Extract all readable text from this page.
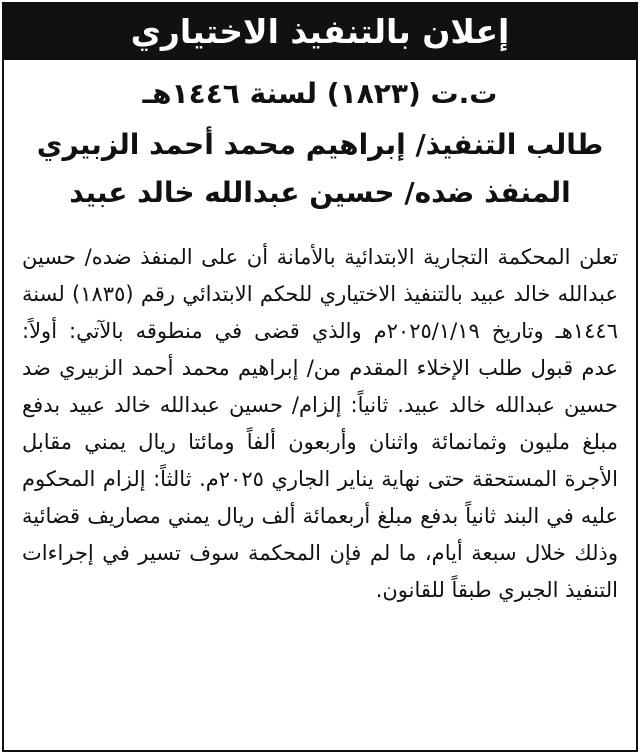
إعلان بالتنفيذ الاختياري
ت.ت (١٨٢٣) لسنة ١٤٤٦هـ
طالب التنفيذ/ إبراهيم محمد أحمد الزبيري
المنفذ ضده/ حسين عبدالله خالد عبيد

تعلن المحكمة التجارية الابتدائية بالأمانة أن على المنفذ ضده/ حسين عبدالله خالد عبيد بالتنفيذ الاختياري للحكم الابتدائي رقم (١٨٣٥) لسنة ١٤٤٦هـ وتاريخ ٢٠٢٥/١/١٩م والذي قضى في منطوقه بالآتي: أولاً: عدم قبول طلب الإخلاء المقدم من/ إبراهيم محمد أحمد الزبيري ضد حسين عبدالله خالد عبيد. ثانياً: إلزام/ حسين عبدالله خالد عبيد بدفع مبلغ مليون وثمانمائة واثنان وأربعون ألفاً ومائتا ريال يمني مقابل الأجرة المستحقة حتى نهاية يناير الجاري ٢٠٢٥م. ثالثاً: إلزام المحكوم عليه في البند ثانياً بدفع مبلغ أربعمائة ألف ريال يمني مصاريف قضائية وذلك خلال سبعة أيام، ما لم فإن المحكمة سوف تسير في إجراءات التنفيذ الجبري طبقاً للقانون.
